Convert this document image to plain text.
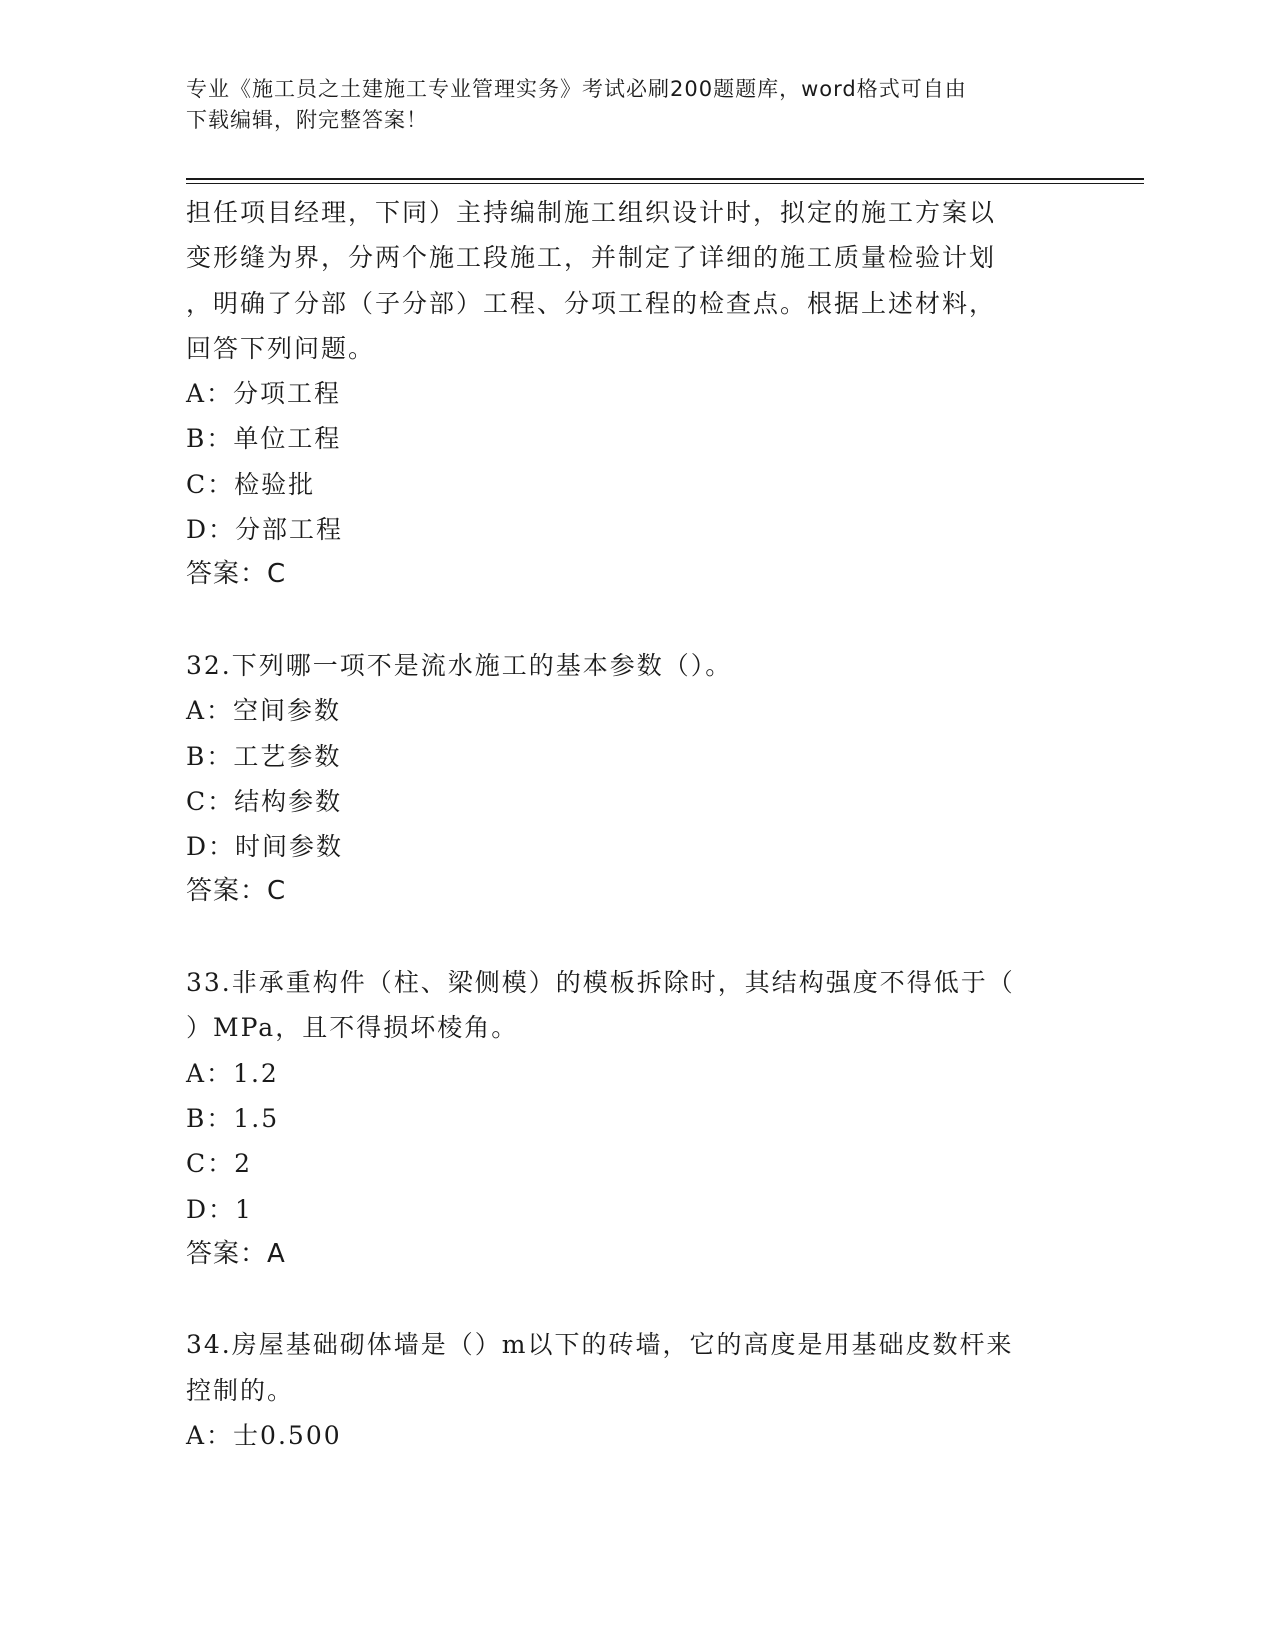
专业《施工员之土建施工专业管理实务》考试必刷200题题库，word格式可自由
下载编辑，附完整答案！
担任项目经理，下同）主持编制施工组织设计时，拟定的施工方案以
变形缝为界，分两个施工段施工，并制定了详细的施工质量检验计划
，明确了分部（子分部）工程、分项工程的检查点。根据上述材料，
回答下列问题。
A：分项工程
B：单位工程
C：检验批
D：分部工程
答案：C
32.下列哪一项不是流水施工的基本参数（）。
A：空间参数
B：工艺参数
C：结构参数
D：时间参数
答案：C
33.非承重构件（柱、梁侧模）的模板拆除时，其结构强度不得低于（
）MPa，且不得损坏棱角。
A：1.2
B：1.5
C：2
D：1
答案：A
34.房屋基础砌体墙是（）m以下的砖墙，它的高度是用基础皮数杆来
控制的。
A：士0.500
